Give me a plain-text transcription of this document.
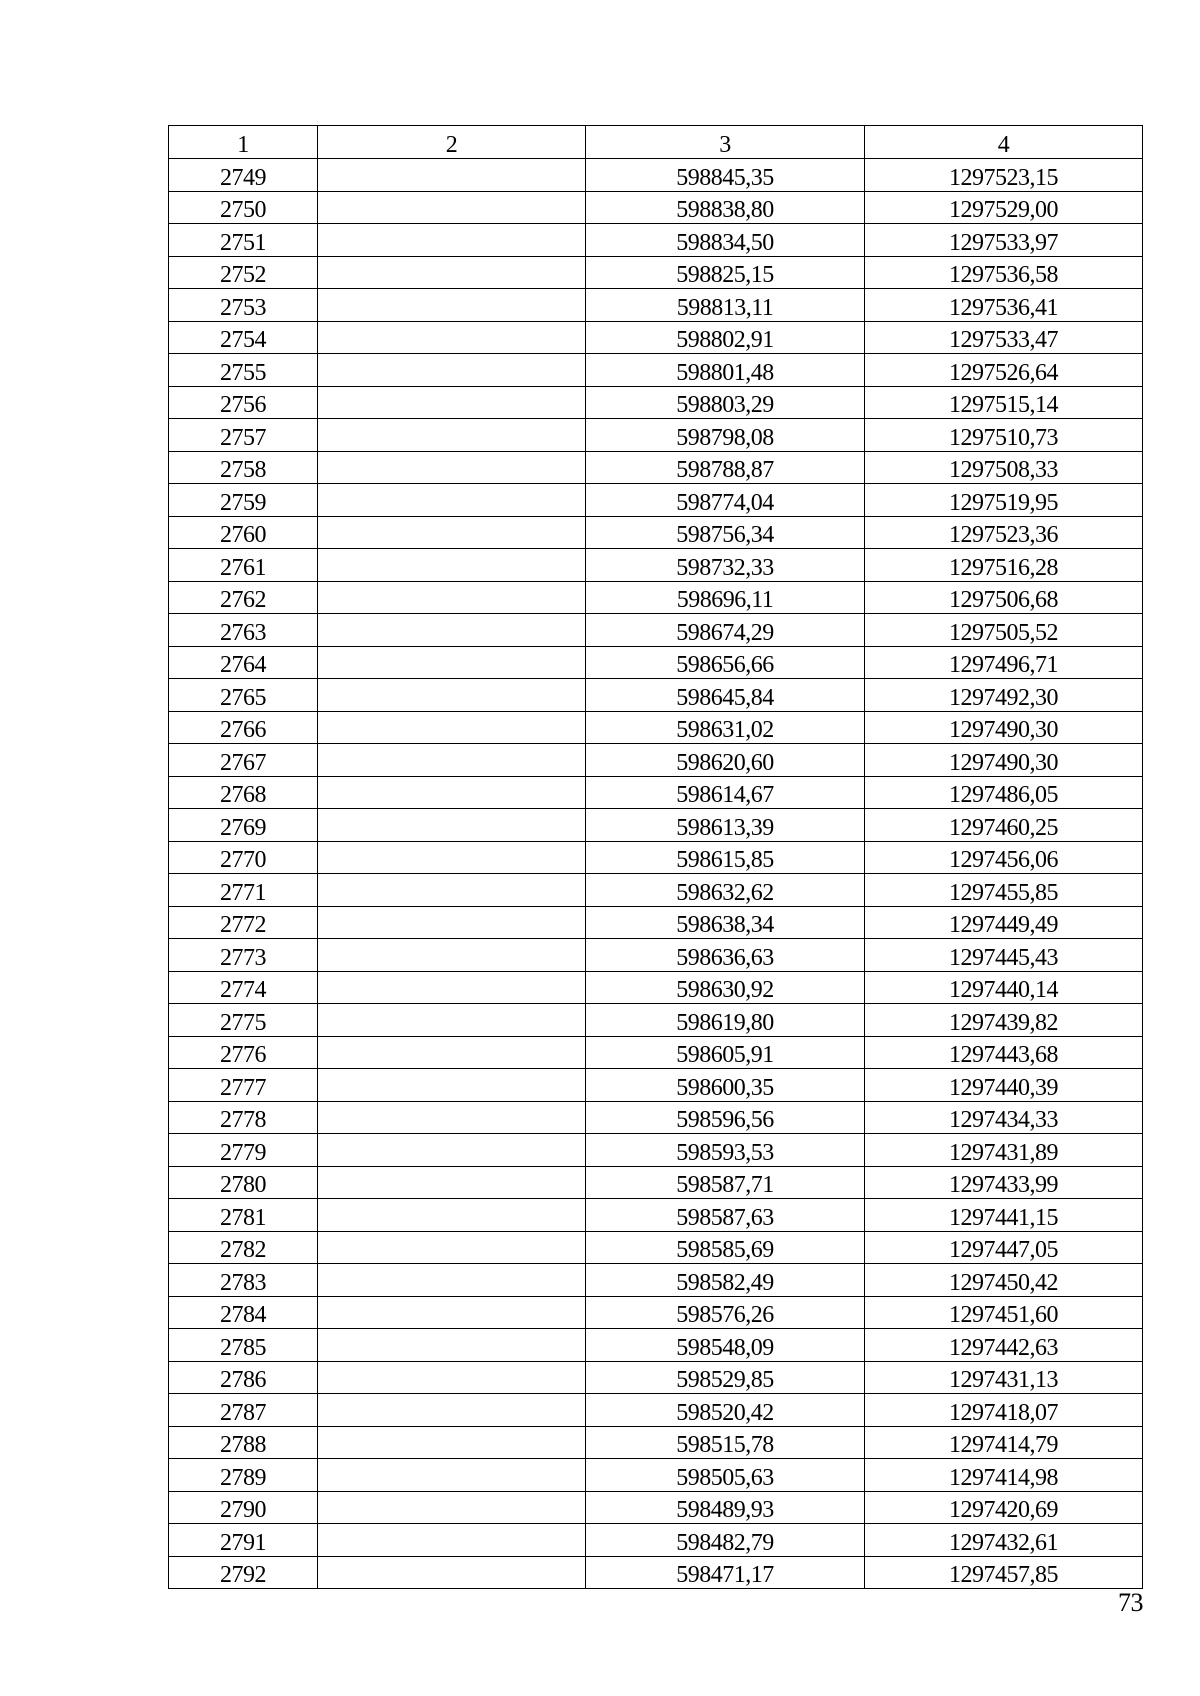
1	2	3	4
2749		598845,35	1297523,15
2750		598838,80	1297529,00
2751		598834,50	1297533,97
2752		598825,15	1297536,58
2753		598813,11	1297536,41
2754		598802,91	1297533,47
2755		598801,48	1297526,64
2756		598803,29	1297515,14
2757		598798,08	1297510,73
2758		598788,87	1297508,33
2759		598774,04	1297519,95
2760		598756,34	1297523,36
2761		598732,33	1297516,28
2762		598696,11	1297506,68
2763		598674,29	1297505,52
2764		598656,66	1297496,71
2765		598645,84	1297492,30
2766		598631,02	1297490,30
2767		598620,60	1297490,30
2768		598614,67	1297486,05
2769		598613,39	1297460,25
2770		598615,85	1297456,06
2771		598632,62	1297455,85
2772		598638,34	1297449,49
2773		598636,63	1297445,43
2774		598630,92	1297440,14
2775		598619,80	1297439,82
2776		598605,91	1297443,68
2777		598600,35	1297440,39
2778		598596,56	1297434,33
2779		598593,53	1297431,89
2780		598587,71	1297433,99
2781		598587,63	1297441,15
2782		598585,69	1297447,05
2783		598582,49	1297450,42
2784		598576,26	1297451,60
2785		598548,09	1297442,63
2786		598529,85	1297431,13
2787		598520,42	1297418,07
2788		598515,78	1297414,79
2789		598505,63	1297414,98
2790		598489,93	1297420,69
2791		598482,79	1297432,61
2792		598471,17	1297457,85
73
